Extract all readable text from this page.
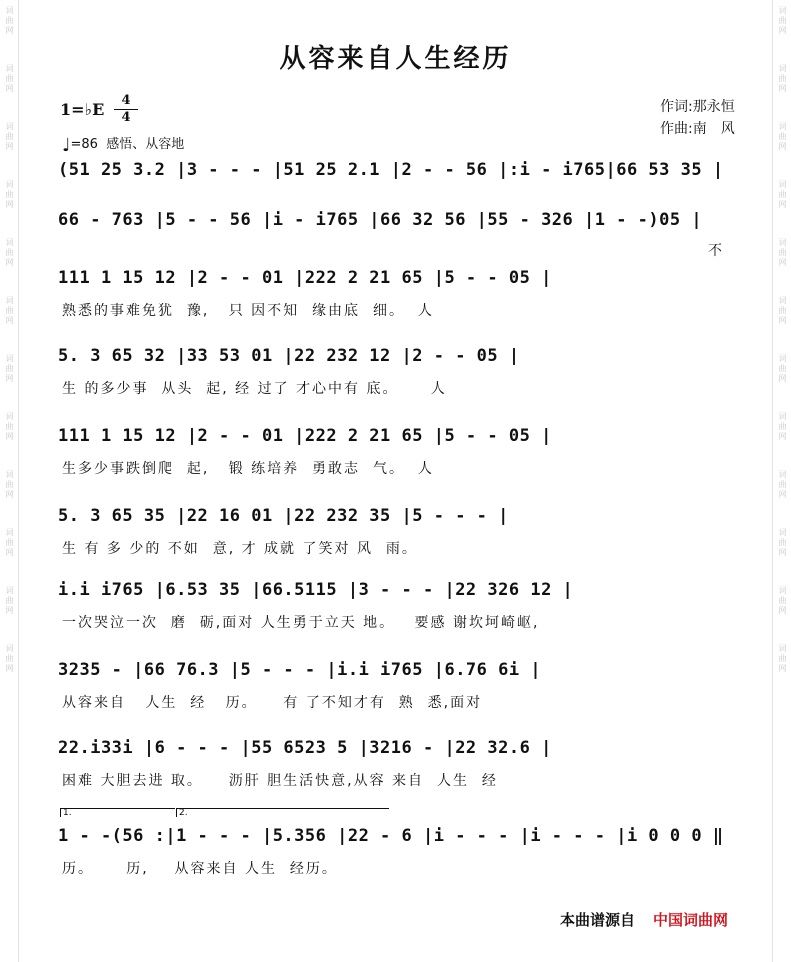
词曲网
词曲网
词曲网
词曲网
词曲网
词曲网
词曲网
词曲网
词曲网
词曲网
词曲网
词曲网
词曲网
词曲网
词曲网
词曲网
词曲网
词曲网
词曲网
词曲网
词曲网
词曲网
词曲网
词曲网
从容来自人生经历
1=♭E	4
4
♩=86 感悟、从容地
作词:那永恒
作曲:南　风
(51 25 3.2 |3 - - - |51 25 2.1 |2 - - 56 |:i - i765|66 53 35 |
66 - 763 |5 - - 56 |i - i765 |66 32 56 |55 - 326 |1 - -)05 |
不
111 1 15 12 |2 - - 01 |222 2 21 65 |5 - - 05 |
熟悉的事难免犹  豫,   只 因不知  缘由底  细。  人
5. 3 65 32 |33 53 01 |22 232 12 |2 - - 05 |
生 的多少事  从头  起, 经 过了 才心中有 底。     人
111 1 15 12 |2 - - 01 |222 2 21 65 |5 - - 05 |
生多少事跌倒爬  起,   锻 练培养  勇敢志  气。  人
5. 3 65 35 |22 16 01 |22 232 35 |5 - - - |
生 有 多 少的 不如  意, 才 成就 了笑对 风  雨。
i.i i765 |6.53 35 |66.5115 |3 - - - |22 326 12 |
一次哭泣一次  磨  砺,面对 人生勇于立天 地。   要感 谢坎坷崎岖,
3235 - |66 76.3 |5 - - - |i.i i765 |6.76 6i |
从容来自   人生  经   历。    有 了不知才有  熟  悉,面对
22.i33i |6 - - - |55 6523 5 |3216 - |22 32.6 |
困难 大胆去进 取。    沥肝 胆生活快意,从容 来自  人生  经
1.	2.
1 - -(56 :|1 - - - |5.356 |22 - 6 |i - - - |i - - - |i 0 0 0 ‖
历。     历,    从容来自 人生  经历。
本曲谱源自 中国词曲网
